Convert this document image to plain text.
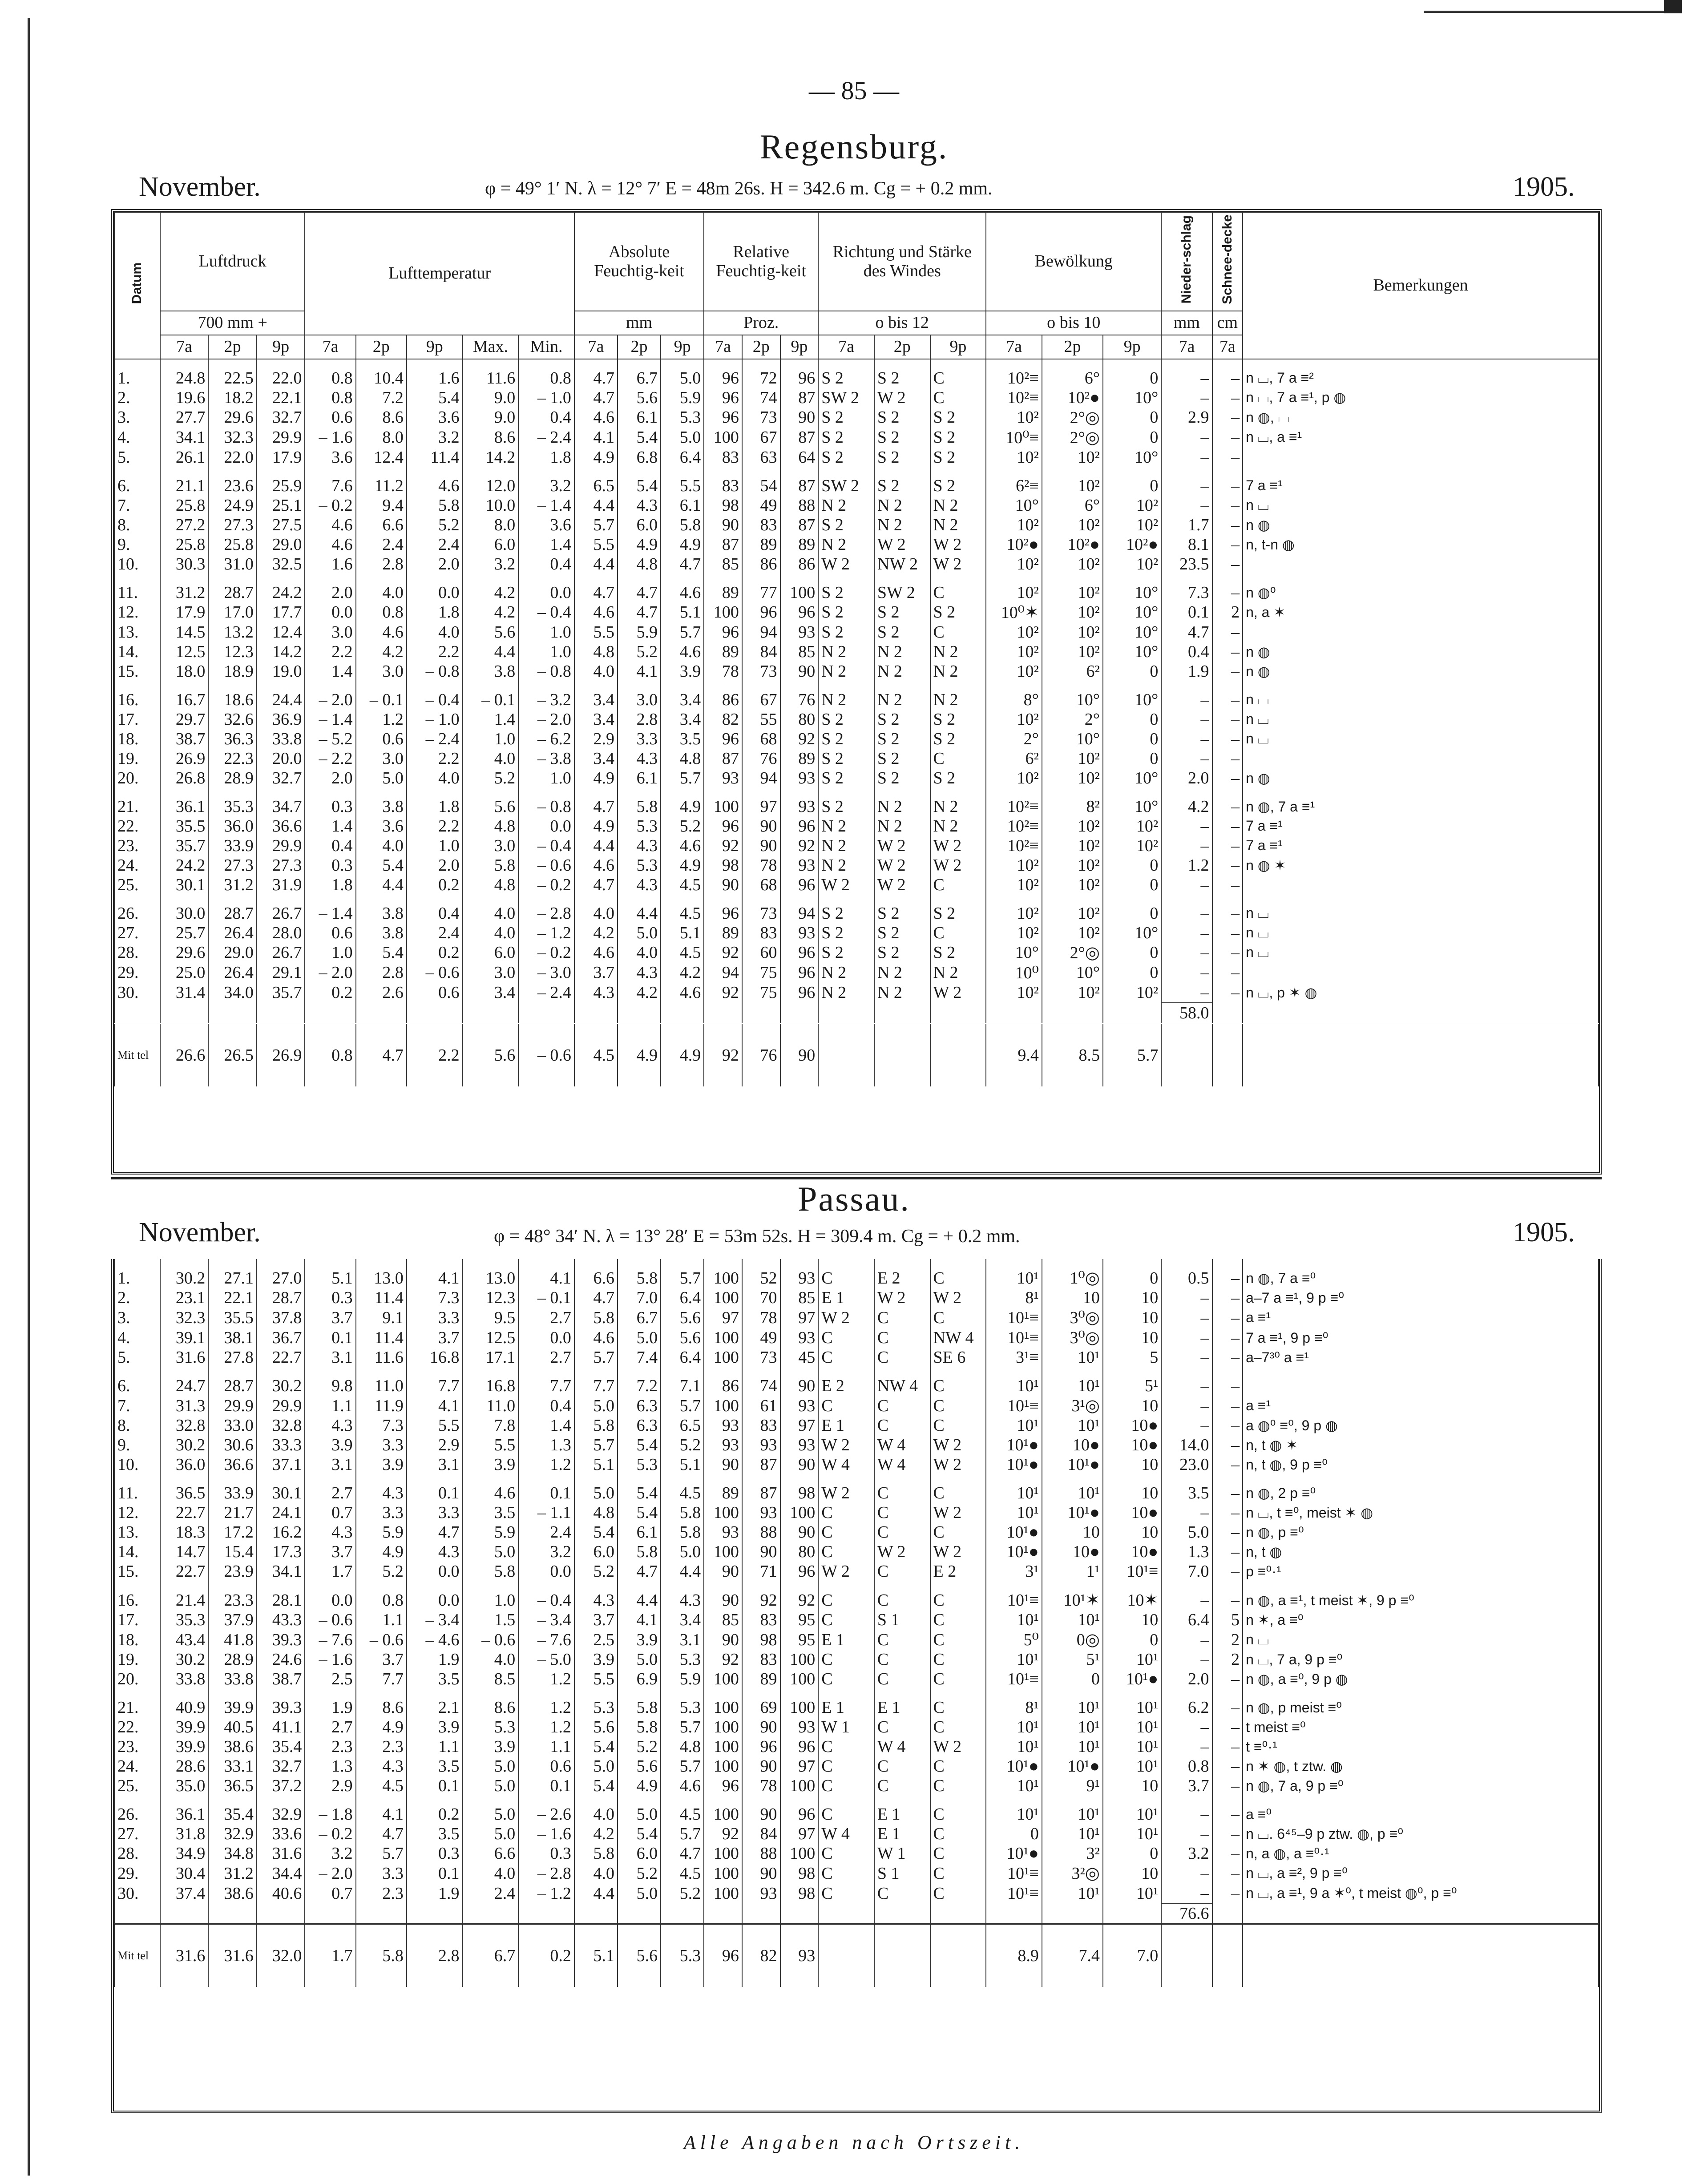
— 85 —
Regensburg.
November.	φ = 49° 1′ N. λ = 12° 7′ E = 48m 26s. H = 342.6 m. Cg = + 0.2 mm.	1905.
Datum	Luftdruck			Lufttemperatur					Absolute Feuchtig-keit			Relative Feuchtig-keit			Richtung und Stärke des Windes			Bewölkung			Nieder-schlag	Schnee-decke	Bemerkungen
	700 mm +								mm			Proz.			o bis 12			o bis 10			mm	cm	
	7a	2p	9p	7a	2p	9p	Max.	Min.	7a	2p	9p	7a	2p	9p	7a	2p	9p	7a	2p	9p	7a	7a	

1.	24.8	22.5	22.0	0.8	10.4	1.6	11.6	0.8	4.7	6.7	5.0	96	72	96	S 2	S 2	C	10²≡	6°	0	–	–	n ⌴, 7 a ≡²
2.	19.6	18.2	22.1	0.8	7.2	5.4	9.0	– 1.0	4.7	5.6	5.9	96	74	87	SW 2	W 2	C	10²≡	10²●	10°	–	–	n ⌴, 7 a ≡¹, p ◍
3.	27.7	29.6	32.7	0.6	8.6	3.6	9.0	0.4	4.6	6.1	5.3	96	73	90	S 2	S 2	S 2	10²	2°◎	0	2.9	–	n ◍, ⌴
4.	34.1	32.3	29.9	– 1.6	8.0	3.2	8.6	– 2.4	4.1	5.4	5.0	100	67	87	S 2	S 2	S 2	10⁰≡	2°◎	0	–	–	n ⌴, a ≡¹
5.	26.1	22.0	17.9	3.6	12.4	11.4	14.2	1.8	4.9	6.8	6.4	83	63	64	S 2	S 2	S 2	10²	10²	10°	–	–	

6.	21.1	23.6	25.9	7.6	11.2	4.6	12.0	3.2	6.5	5.4	5.5	83	54	87	SW 2	S 2	S 2	6²≡	10²	0	–	–	7 a ≡¹
7.	25.8	24.9	25.1	– 0.2	9.4	5.8	10.0	– 1.4	4.4	4.3	6.1	98	49	88	N 2	N 2	N 2	10°	6°	10²	–	–	n ⌴
8.	27.2	27.3	27.5	4.6	6.6	5.2	8.0	3.6	5.7	6.0	5.8	90	83	87	S 2	N 2	N 2	10²	10²	10²	1.7	–	n ◍
9.	25.8	25.8	29.0	4.6	2.4	2.4	6.0	1.4	5.5	4.9	4.9	87	89	89	N 2	W 2	W 2	10²●	10²●	10²●	8.1	–	n, t-n ◍
10.	30.3	31.0	32.5	1.6	2.8	2.0	3.2	0.4	4.4	4.8	4.7	85	86	86	W 2	NW 2	W 2	10²	10²	10²	23.5	–	

11.	31.2	28.7	24.2	2.0	4.0	0.0	4.2	0.0	4.7	4.7	4.6	89	77	100	S 2	SW 2	C	10²	10²	10°	7.3	–	n ◍⁰
12.	17.9	17.0	17.7	0.0	0.8	1.8	4.2	– 0.4	4.6	4.7	5.1	100	96	96	S 2	S 2	S 2	10⁰✶	10²	10°	0.1	2	n, a ✶
13.	14.5	13.2	12.4	3.0	4.6	4.0	5.6	1.0	5.5	5.9	5.7	96	94	93	S 2	S 2	C	10²	10²	10°	4.7	–	
14.	12.5	12.3	14.2	2.2	4.2	2.2	4.4	1.0	4.8	5.2	4.6	89	84	85	N 2	N 2	N 2	10²	10²	10°	0.4	–	n ◍
15.	18.0	18.9	19.0	1.4	3.0	– 0.8	3.8	– 0.8	4.0	4.1	3.9	78	73	90	N 2	N 2	N 2	10²	6²	0	1.9	–	n ◍

16.	16.7	18.6	24.4	– 2.0	– 0.1	– 0.4	– 0.1	– 3.2	3.4	3.0	3.4	86	67	76	N 2	N 2	N 2	8°	10°	10°	–	–	n ⌴
17.	29.7	32.6	36.9	– 1.4	1.2	– 1.0	1.4	– 2.0	3.4	2.8	3.4	82	55	80	S 2	S 2	S 2	10²	2°	0	–	–	n ⌴
18.	38.7	36.3	33.8	– 5.2	0.6	– 2.4	1.0	– 6.2	2.9	3.3	3.5	96	68	92	S 2	S 2	S 2	2°	10°	0	–	–	n ⌴
19.	26.9	22.3	20.0	– 2.2	3.0	2.2	4.0	– 3.8	3.4	4.3	4.8	87	76	89	S 2	S 2	C	6²	10²	0	–	–	
20.	26.8	28.9	32.7	2.0	5.0	4.0	5.2	1.0	4.9	6.1	5.7	93	94	93	S 2	S 2	S 2	10²	10²	10°	2.0	–	n ◍

21.	36.1	35.3	34.7	0.3	3.8	1.8	5.6	– 0.8	4.7	5.8	4.9	100	97	93	S 2	N 2	N 2	10²≡	8²	10°	4.2	–	n ◍, 7 a ≡¹
22.	35.5	36.0	36.6	1.4	3.6	2.2	4.8	0.0	4.9	5.3	5.2	96	90	96	N 2	N 2	N 2	10²≡	10²	10²	–	–	7 a ≡¹
23.	35.7	33.9	29.9	0.4	4.0	1.0	3.0	– 0.4	4.4	4.3	4.6	92	90	92	N 2	W 2	W 2	10²≡	10²	10²	–	–	7 a ≡¹
24.	24.2	27.3	27.3	0.3	5.4	2.0	5.8	– 0.6	4.6	5.3	4.9	98	78	93	N 2	W 2	W 2	10²	10²	0	1.2	–	n ◍ ✶
25.	30.1	31.2	31.9	1.8	4.4	0.2	4.8	– 0.2	4.7	4.3	4.5	90	68	96	W 2	W 2	C	10²	10²	0	–	–	

26.	30.0	28.7	26.7	– 1.4	3.8	0.4	4.0	– 2.8	4.0	4.4	4.5	96	73	94	S 2	S 2	S 2	10²	10²	0	–	–	n ⌴
27.	25.7	26.4	28.0	0.6	3.8	2.4	4.0	– 1.2	4.2	5.0	5.1	89	83	93	S 2	S 2	C	10²	10²	10°	–	–	n ⌴
28.	29.6	29.0	26.7	1.0	5.4	0.2	6.0	– 0.2	4.6	4.0	4.5	92	60	96	S 2	S 2	S 2	10°	2°◎	0	–	–	n ⌴
29.	25.0	26.4	29.1	– 2.0	2.8	– 0.6	3.0	– 3.0	3.7	4.3	4.2	94	75	96	N 2	N 2	N 2	10⁰	10°	0	–	–	
30.	31.4	34.0	35.7	0.2	2.6	0.6	3.4	– 2.4	4.3	4.2	4.6	92	75	96	N 2	N 2	W 2	10²	10²	10²	–	–	n ⌴, p ✶ ◍
																					58.0		
Mit tel	26.6	26.5	26.9	0.8	4.7	2.2	5.6	– 0.6	4.5	4.9	4.9	92	76	90				9.4	8.5	5.7			
Passau.
November.	φ = 48° 34′ N. λ = 13° 28′ E = 53m 52s. H = 309.4 m. Cg = + 0.2 mm.	1905.

1.	30.2	27.1	27.0	5.1	13.0	4.1	13.0	4.1	6.6	5.8	5.7	100	52	93	C	E 2	C	10¹	1⁰◎	0	0.5	–	n ◍, 7 a ≡⁰
2.	23.1	22.1	28.7	0.3	11.4	7.3	12.3	– 0.1	4.7	7.0	6.4	100	70	85	E 1	W 2	W 2	8¹	10	10	–	–	a–7 a ≡¹, 9 p ≡⁰
3.	32.3	35.5	37.8	3.7	9.1	3.3	9.5	2.7	5.8	6.7	5.6	97	78	97	W 2	C	C	10¹≡	3⁰◎	10	–	–	a ≡¹
4.	39.1	38.1	36.7	0.1	11.4	3.7	12.5	0.0	4.6	5.0	5.6	100	49	93	C	C	NW 4	10¹≡	3⁰◎	10	–	–	7 a ≡¹, 9 p ≡⁰
5.	31.6	27.8	22.7	3.1	11.6	16.8	17.1	2.7	5.7	7.4	6.4	100	73	45	C	C	SE 6	3¹≡	10¹	5	–	–	a–7³⁰ a ≡¹

6.	24.7	28.7	30.2	9.8	11.0	7.7	16.8	7.7	7.7	7.2	7.1	86	74	90	E 2	NW 4	C	10¹	10¹	5¹	–	–	
7.	31.3	29.9	29.9	1.1	11.9	4.1	11.0	0.4	5.0	6.3	5.7	100	61	93	C	C	C	10¹≡	3¹◎	10	–	–	a ≡¹
8.	32.8	33.0	32.8	4.3	7.3	5.5	7.8	1.4	5.8	6.3	6.5	93	83	97	E 1	C	C	10¹	10¹	10●	–	–	a ◍⁰ ≡⁰, 9 p ◍
9.	30.2	30.6	33.3	3.9	3.3	2.9	5.5	1.3	5.7	5.4	5.2	93	93	93	W 2	W 4	W 2	10¹●	10●	10●	14.0	–	n, t ◍ ✶
10.	36.0	36.6	37.1	3.1	3.9	3.1	3.9	1.2	5.1	5.3	5.1	90	87	90	W 4	W 4	W 2	10¹●	10¹●	10	23.0	–	n, t ◍, 9 p ≡⁰

11.	36.5	33.9	30.1	2.7	4.3	0.1	4.6	0.1	5.0	5.4	4.5	89	87	98	W 2	C	C	10¹	10¹	10	3.5	–	n ◍, 2 p ≡⁰
12.	22.7	21.7	24.1	0.7	3.3	3.3	3.5	– 1.1	4.8	5.4	5.8	100	93	100	C	C	W 2	10¹	10¹●	10●	–	–	n ⌴, t ≡⁰, meist ✶ ◍
13.	18.3	17.2	16.2	4.3	5.9	4.7	5.9	2.4	5.4	6.1	5.8	93	88	90	C	C	C	10¹●	10	10	5.0	–	n ◍, p ≡⁰
14.	14.7	15.4	17.3	3.7	4.9	4.3	5.0	3.2	6.0	5.8	5.0	100	90	80	C	W 2	W 2	10¹●	10●	10●	1.3	–	n, t ◍
15.	22.7	23.9	34.1	1.7	5.2	0.0	5.8	0.0	5.2	4.7	4.4	90	71	96	W 2	C	E 2	3¹	1¹	10¹≡	7.0	–	p ≡⁰·¹

16.	21.4	23.3	28.1	0.0	0.8	0.0	1.0	– 0.4	4.3	4.4	4.3	90	92	92	C	C	C	10¹≡	10¹✶	10✶	–	–	n ◍, a ≡¹, t meist ✶, 9 p ≡⁰
17.	35.3	37.9	43.3	– 0.6	1.1	– 3.4	1.5	– 3.4	3.7	4.1	3.4	85	83	95	C	S 1	C	10¹	10¹	10	6.4	5	n ✶, a ≡⁰
18.	43.4	41.8	39.3	– 7.6	– 0.6	– 4.6	– 0.6	– 7.6	2.5	3.9	3.1	90	98	95	E 1	C	C	5⁰	0◎	0	–	2	n ⌴
19.	30.2	28.9	24.6	– 1.6	3.7	1.9	4.0	– 5.0	3.9	5.0	5.3	92	83	100	C	C	C	10¹	5¹	10¹	–	2	n ⌴, 7 a, 9 p ≡⁰
20.	33.8	33.8	38.7	2.5	7.7	3.5	8.5	1.2	5.5	6.9	5.9	100	89	100	C	C	C	10¹≡	0	10¹●	2.0	–	n ◍, a ≡⁰, 9 p ◍

21.	40.9	39.9	39.3	1.9	8.6	2.1	8.6	1.2	5.3	5.8	5.3	100	69	100	E 1	E 1	C	8¹	10¹	10¹	6.2	–	n ◍, p meist ≡⁰
22.	39.9	40.5	41.1	2.7	4.9	3.9	5.3	1.2	5.6	5.8	5.7	100	90	93	W 1	C	C	10¹	10¹	10¹	–	–	t meist ≡⁰
23.	39.9	38.6	35.4	2.3	2.3	1.1	3.9	1.1	5.4	5.2	4.8	100	96	96	C	W 4	W 2	10¹	10¹	10¹	–	–	t ≡⁰·¹
24.	28.6	33.1	32.7	1.3	4.3	3.5	5.0	0.6	5.0	5.6	5.7	100	90	97	C	C	C	10¹●	10¹●	10¹	0.8	–	n ✶ ◍, t ztw. ◍
25.	35.0	36.5	37.2	2.9	4.5	0.1	5.0	0.1	5.4	4.9	4.6	96	78	100	C	C	C	10¹	9¹	10	3.7	–	n ◍, 7 a, 9 p ≡⁰

26.	36.1	35.4	32.9	– 1.8	4.1	0.2	5.0	– 2.6	4.0	5.0	4.5	100	90	96	C	E 1	C	10¹	10¹	10¹	–	–	a ≡⁰
27.	31.8	32.9	33.6	– 0.2	4.7	3.5	5.0	– 1.6	4.2	5.4	5.7	92	84	97	W 4	E 1	C	0	10¹	10¹	–	–	n ⌴. 6⁴⁵–9 p ztw. ◍, p ≡⁰
28.	34.9	34.8	31.6	3.2	5.7	0.3	6.6	0.3	5.8	6.0	4.7	100	88	100	C	W 1	C	10¹●	3²	0	3.2	–	n, a ◍, a ≡⁰·¹
29.	30.4	31.2	34.4	– 2.0	3.3	0.1	4.0	– 2.8	4.0	5.2	4.5	100	90	98	C	S 1	C	10¹≡	3²◎	10	–	–	n ⌴, a ≡², 9 p ≡⁰
30.	37.4	38.6	40.6	0.7	2.3	1.9	2.4	– 1.2	4.4	5.0	5.2	100	93	98	C	C	C	10¹≡	10¹	10¹	–	–	n ⌴, a ≡¹, 9 a ✶⁰, t meist ◍⁰, p ≡⁰
																					76.6		
Mit tel	31.6	31.6	32.0	1.7	5.8	2.8	6.7	0.2	5.1	5.6	5.3	96	82	93				8.9	7.4	7.0			
Alle Angaben nach Ortszeit.
